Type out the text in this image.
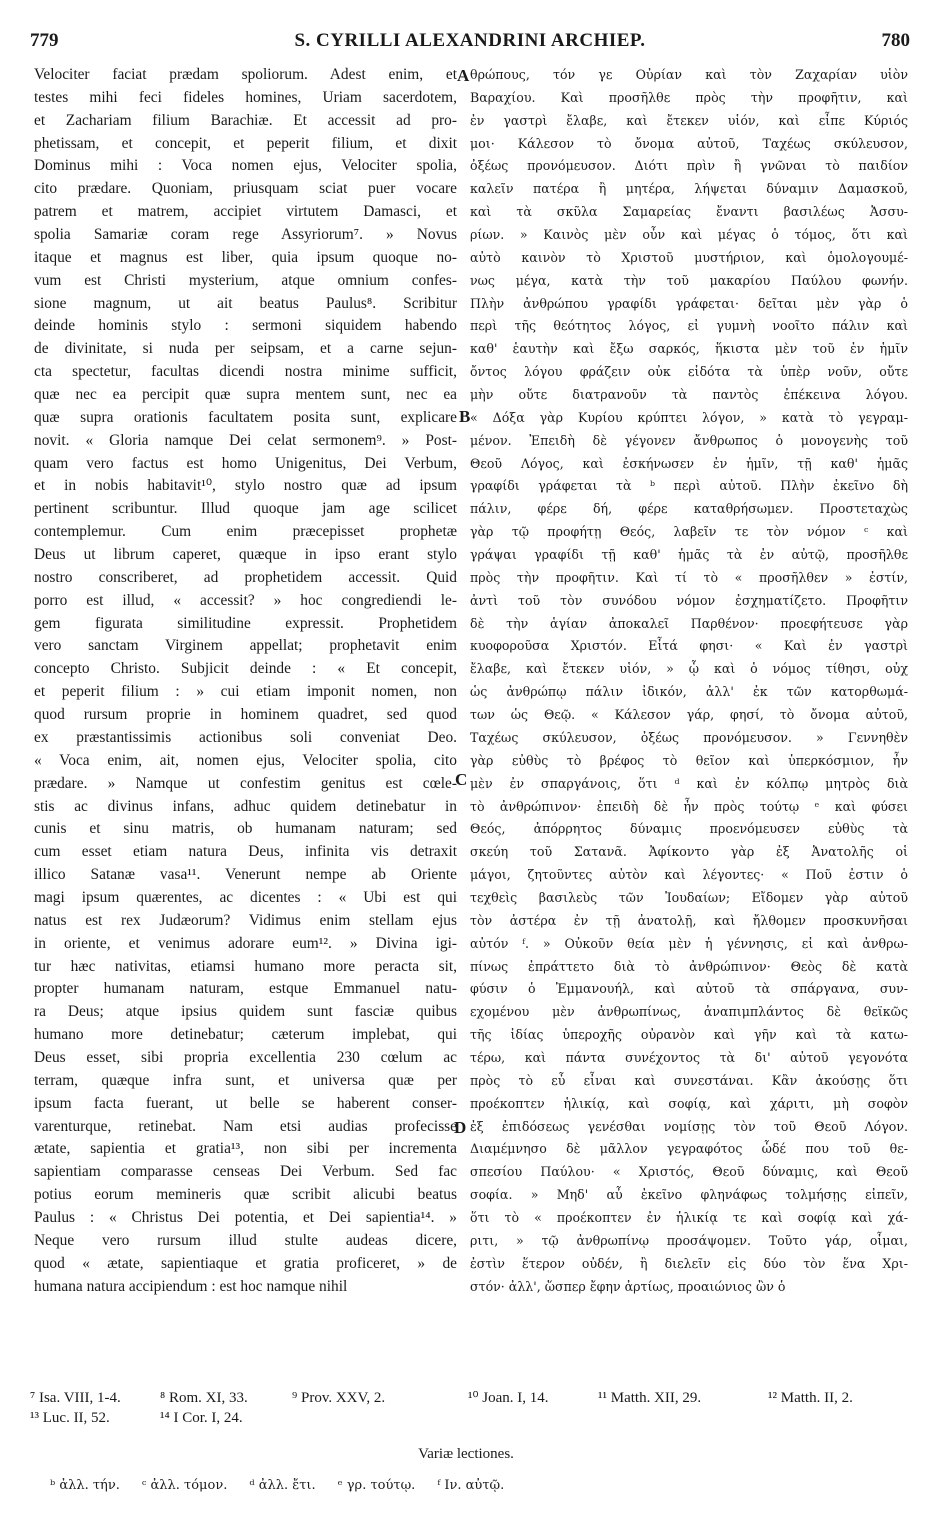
779	S. CYRILLI ALEXANDRINI ARCHIEP.	780
Velociter faciat prædam spoliorum. Adest enim, et
testes mihi feci fideles homines, Uriam sacerdotem,
et Zachariam filium Barachiæ. Et accessit ad pro-
phetissam, et concepit, et peperit filium, et dixit
Dominus mihi : Voca nomen ejus, Velociter spolia,
cito prædare. Quoniam, priusquam sciat puer vocare
patrem et matrem, accipiet virtutem Damasci, et
spolia Samariæ coram rege Assyriorum⁷. » Novus
itaque et magnus est liber, quia ipsum quoque no-
vum est Christi mysterium, atque omnium confes-
sione magnum, ut ait beatus Paulus⁸. Scribitur
deinde hominis stylo : sermoni siquidem habendo
de divinitate, si nuda per seipsam, et a carne sejun-
cta spectetur, facultas dicendi nostra minime sufficit,
quæ nec ea percipit quæ supra mentem sunt, nec ea
quæ supra orationis facultatem posita sunt, explicare
novit. « Gloria namque Dei celat sermonem⁹. » Post-
quam vero factus est homo Unigenitus, Dei Verbum,
et in nobis habitavit¹⁰, stylo nostro quæ ad ipsum
pertinent scribuntur. Illud quoque jam age scilicet
contemplemur. Cum enim præcepisset prophetæ
Deus ut librum caperet, quæque in ipso erant stylo
nostro conscriberet, ad prophetidem accessit. Quid
porro est illud, « accessit? » hoc congrediendi le-
gem figurata similitudine expressit. Prophetidem
vero sanctam Virginem appellat; prophetavit enim
concepto Christo. Subjicit deinde : « Et concepit,
et peperit filium : » cui etiam imponit nomen, non
quod rursum proprie in hominem quadret, sed quod
ex præstantissimis actionibus soli conveniat Deo.
« Voca enim, ait, nomen ejus, Velociter spolia, cito
prædare. » Namque ut confestim genitus est cœle-
stis ac divinus infans, adhuc quidem detinebatur in
cunis et sinu matris, ob humanam naturam; sed
cum esset etiam natura Deus, infinita vis detraxit
illico Satanæ vasa¹¹. Venerunt nempe ab Oriente
magi ipsum quærentes, ac dicentes : « Ubi est qui
natus est rex Judæorum? Vidimus enim stellam ejus
in oriente, et venimus adorare eum¹². » Divina igi-
tur hæc nativitas, etiamsi humano more peracta sit,
propter humanam naturam, estque Emmanuel natu-
ra Deus; atque ipsius quidem sunt fasciæ quibus
humano more detinebatur; cæterum implebat, qui
Deus esset, sibi propria excellentia 230 cœlum ac
terram, quæque infra sunt, et universa quæ per
ipsum facta fuerant, ut belle se haberent conser-
varenturque, retinebat. Nam etsi audias profecisse
ætate, sapientia et gratia¹³, non sibi per incrementa
sapientiam comparasse censeas Dei Verbum. Sed fac
potius eorum memineris quæ scribit alicubi beatus
Paulus : « Christus Dei potentia, et Dei sapientia¹⁴. »
Neque vero rursum illud stulte audeas dicere,
quod « ætate, sapientiaque et gratia proficeret, » de
humana natura accipiendum : est hoc namque nihil
θρώπους, τόν γε Οὐρίαν καὶ τὸν Ζαχαρίαν υἱὸν
Βαραχίου. Καὶ προσῆλθε πρὸς τὴν προφῆτιν, καὶ
ἐν γαστρὶ ἔλαβε, καὶ ἔτεκεν υἱόν, καὶ εἶπε Κύριός
μοι· Κάλεσον τὸ ὄνομα αὐτοῦ, Ταχέως σκύλευσον,
ὀξέως προνόμευσον. Διότι πρὶν ἢ γνῶναι τὸ παιδίον
καλεῖν πατέρα ἢ μητέρα, λήψεται δύναμιν Δαμασκοῦ,
καὶ τὰ σκῦλα Σαμαρείας ἔναντι βασιλέως Ἀσσυ-
ρίων. » Καινὸς μὲν οὖν καὶ μέγας ὁ τόμος, ὅτι καὶ
αὐτὸ καινὸν τὸ Χριστοῦ μυστήριον, καὶ ὁμολογουμέ-
νως μέγα, κατὰ τὴν τοῦ μακαρίου Παύλου φωνήν.
Πλὴν ἀνθρώπου γραφίδι γράφεται· δεῖται μὲν γὰρ ὁ
περὶ τῆς θεότητος λόγος, εἰ γυμνὴ νοοῖτο πάλιν καὶ
καθ' ἑαυτὴν καὶ ἔξω σαρκός, ἥκιστα μὲν τοῦ ἐν ἡμῖν
ὄντος λόγου φράζειν οὐκ εἰδότα τὰ ὑπὲρ νοῦν, οὔτε
μὴν οὔτε διατρανοῦν τὰ παντὸς ἐπέκεινα λόγου.
« Δόξα γὰρ Κυρίου κρύπτει λόγον, » κατὰ τὸ γεγραμ-
μένον. Ἐπειδὴ δὲ γέγονεν ἄνθρωπος ὁ μονογενὴς τοῦ
Θεοῦ Λόγος, καὶ ἐσκήνωσεν ἐν ἡμῖν, τῇ καθ' ἡμᾶς
γραφίδι γράφεται τὰ ᵇ περὶ αὐτοῦ. Πλὴν ἐκεῖνο δὴ
πάλιν, φέρε δή, φέρε καταθρήσωμεν. Προστεταχὼς
γὰρ τῷ προφήτῃ Θεός, λαβεῖν τε τὸν νόμον ᶜ καὶ
γράψαι γραφίδι τῇ καθ' ἡμᾶς τὰ ἐν αὐτῷ, προσῆλθε
πρὸς τὴν προφῆτιν. Καὶ τί τὸ « προσῆλθεν » ἐστίν,
ἀντὶ τοῦ τὸν συνόδου νόμον ἐσχηματίζετο. Προφῆτιν
δὲ τὴν ἁγίαν ἀποκαλεῖ Παρθένον· προεφήτευσε γὰρ
κυοφοροῦσα Χριστόν. Εἶτά φησι· « Καὶ ἐν γαστρὶ
ἔλαβε, καὶ ἔτεκεν υἱόν, » ᾧ καὶ ὁ νόμος τίθησι, οὐχ
ὡς ἀνθρώπῳ πάλιν ἰδικόν, ἀλλ' ἐκ τῶν κατορθωμά-
των ὡς Θεῷ. « Κάλεσον γάρ, φησί, τὸ ὄνομα αὐτοῦ,
Ταχέως σκύλευσον, ὀξέως προνόμευσον. » Γεννηθὲν
γὰρ εὐθὺς τὸ βρέφος τὸ θεῖον καὶ ὑπερκόσμιον, ἦν
μὲν ἐν σπαργάνοις, ὅτι ᵈ καὶ ἐν κόλπῳ μητρὸς διὰ
τὸ ἀνθρώπινον· ἐπειδὴ δὲ ἦν πρὸς τούτῳ ᵉ καὶ φύσει
Θεός, ἀπόρρητος δύναμις προενόμευσεν εὐθὺς τὰ
σκεύη τοῦ Σατανᾶ. Ἀφίκοντο γὰρ ἐξ Ἀνατολῆς οἱ
μάγοι, ζητοῦντες αὐτὸν καὶ λέγοντες· « Ποῦ ἐστιν ὁ
τεχθεὶς βασιλεὺς τῶν Ἰουδαίων; Εἴδομεν γὰρ αὐτοῦ
τὸν ἀστέρα ἐν τῇ ἀνατολῇ, καὶ ἤλθομεν προσκυνῆσαι
αὐτόν ᶠ. » Οὐκοῦν θεία μὲν ἡ γέννησις, εἰ καὶ ἀνθρω-
πίνως ἐπράττετο διὰ τὸ ἀνθρώπινον· Θεὸς δὲ κατὰ
φύσιν ὁ Ἐμμανουήλ, καὶ αὐτοῦ τὰ σπάργανα, συν-
εχομένου μὲν ἀνθρωπίνως, ἀναπιμπλάντος δὲ θεϊκῶς
τῆς ἰδίας ὑπεροχῆς οὐρανὸν καὶ γῆν καὶ τὰ κατω-
τέρω, καὶ πάντα συνέχοντος τὰ δι' αὐτοῦ γεγονότα
πρὸς τὸ εὖ εἶναι καὶ συνεστάναι. Κἂν ἀκούσῃς ὅτι
προέκοπτεν ἡλικίᾳ, καὶ σοφίᾳ, καὶ χάριτι, μὴ σοφὸν
ἐξ ἐπιδόσεως γενέσθαι νομίσῃς τὸν τοῦ Θεοῦ Λόγον.
Διαμέμνησο δὲ μᾶλλον γεγραφότος ὧδέ που τοῦ θε-
σπεσίου Παύλου· « Χριστός, Θεοῦ δύναμις, καὶ Θεοῦ
σοφία. » Μηδ' αὖ ἐκεῖνο φληνάφως τολμήσῃς εἰπεῖν,
ὅτι τὸ « προέκοπτεν ἐν ἡλικίᾳ τε καὶ σοφίᾳ καὶ χά-
ριτι, » τῷ ἀνθρωπίνῳ προσάψομεν. Τοῦτο γάρ, οἶμαι,
ἐστὶν ἕτερον οὐδέν, ἢ διελεῖν εἰς δύο τὸν ἕνα Χρι-
στόν· ἀλλ', ὥσπερ ἔφην ἀρτίως, προαιώνιος ὢν ὁ
A
B
C
D
⁷ Isa. VIII, 1-4.	⁸ Rom. XI, 33.	⁹ Prov. XXV, 2.	¹⁰ Joan. I, 14.	¹¹ Matth. XII, 29.	¹² Matth. II, 2.
¹³ Luc. II, 52.	¹⁴ I Cor. I, 24.
Variæ lectiones.
ᵇ ἀλλ. τήν. ᶜ ἀλλ. τόμον. ᵈ ἀλλ. ἔτι. ᵉ γρ. τούτῳ. ᶠ Ιν. αὐτῷ.
